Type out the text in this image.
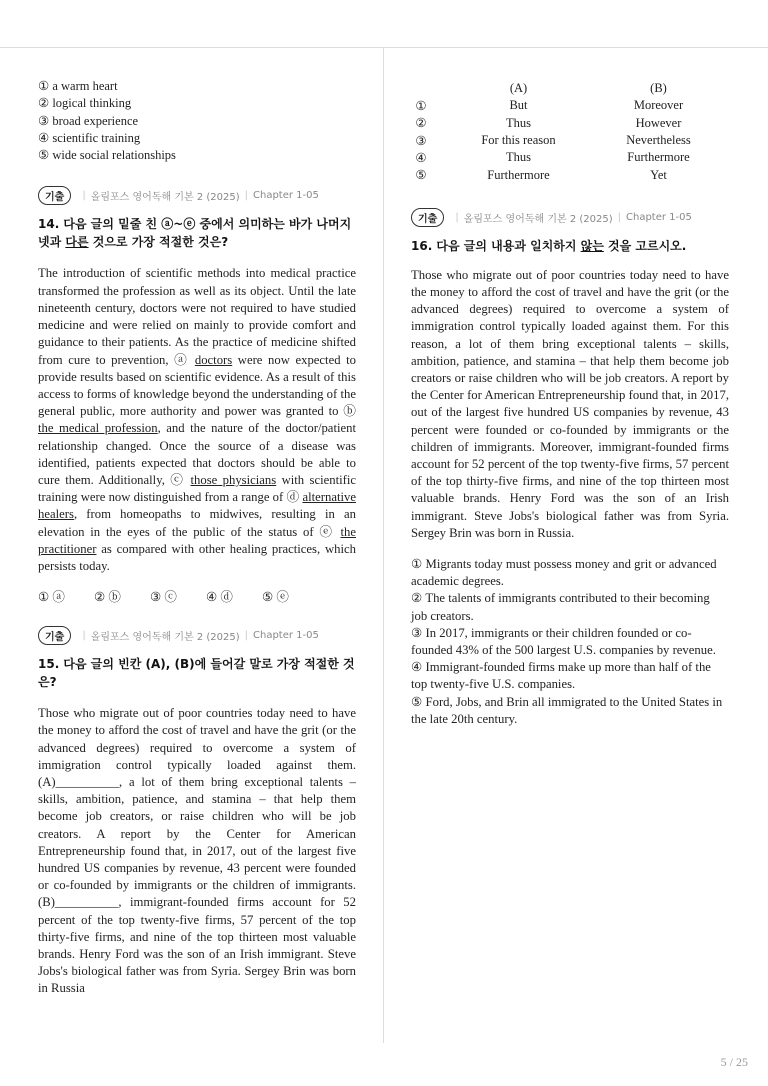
① a warm heart
② logical thinking
③ broad experience
④ scientific training
⑤ wide social relationships
기출	| 올림포스 영어독해 기본 2 (2025) | Chapter 1-05

14. 다음 글의 밑줄 친 ⓐ~ⓔ 중에서 의미하는 바가 나머지 넷과 다른 것으로 가장 적절한 것은?

The introduction of scientific methods into medical practice transformed the profession as well as its object. Until the late nineteenth century, doctors were not required to have studied medicine and were relied on mainly to provide comfort and guidance to their patients. As the practice of medicine shifted from cure to prevention, ⓐ doctors were now expected to provide results based on scientific evidence. As a result of this access to forms of knowledge beyond the understanding of the general public, more authority and power was granted to ⓑ the medical profession, and the nature of the doctor/patient relationship changed. Once the source of a disease was identified, patients expected that doctors should be able to cure them. Additionally, ⓒ those physicians with scientific training were now distinguished from a range of ⓓ alternative healers, from homeopaths to midwives, resulting in an elevation in the eyes of the public of the status of ⓔ the practitioner as compared with other healing practices, which persists today.

① ⓐ	② ⓑ	③ ⓒ	④ ⓓ	⑤ ⓔ
기출	| 올림포스 영어독해 기본 2 (2025) | Chapter 1-05

15. 다음 글의 빈칸 (A), (B)에 들어갈 말로 가장 적절한 것은?

Those who migrate out of poor countries today need to have the money to afford the cost of travel and have the grit (or the advanced degrees) required to overcome a system of immigration control typically loaded against them. (A)__________, a lot of them bring exceptional talents – skills, ambition, patience, and stamina – that help them become job creators, or raise children who will be job creators. A report by the Center for American Entrepreneurship found that, in 2017, out of the largest five hundred US companies by revenue, 43 percent were founded or co-founded by immigrants or the children of immigrants. (B)__________, immigrant-founded firms account for 52 percent of the top twenty-five firms, 57 percent of the top thirty-five firms, and nine of the top thirteen most valuable brands. Henry Ford was the son of an Irish immigrant. Steve Jobs's biological father was from Syria. Sergey Brin was born in Russia

	(A)	(B)
①	But	Moreover
②	Thus	However
③	For this reason	Nevertheless
④	Thus	Furthermore
⑤	Furthermore	Yet
기출	| 올림포스 영어독해 기본 2 (2025) | Chapter 1-05

16. 다음 글의 내용과 일치하지 않는 것을 고르시오.

Those who migrate out of poor countries today need to have the money to afford the cost of travel and have the grit (or the advanced degrees) required to overcome a system of immigration control typically loaded against them. For this reason, a lot of them bring exceptional talents – skills, ambition, patience, and stamina – that help them become job creators or raise children who will be job creators. A report by the Center for American Entrepreneurship found that, in 2017, out of the largest five hundred US companies by revenue, 43 percent were founded or co-founded by immigrants or the children of immigrants. Moreover, immigrant-founded firms account for 52 percent of the top twenty-five firms, 57 percent of the top thirty-five firms, and nine of the top thirteen most valuable brands. Henry Ford was the son of an Irish immigrant. Steve Jobs's biological father was from Syria. Sergey Brin was born in Russia.

① Migrants today must possess money and grit or advanced academic degrees.
② The talents of immigrants contributed to their becoming job creators.
③ In 2017, immigrants or their children founded or co-founded 43% of the 500 largest U.S. companies by revenue.
④ Immigrant-founded firms make up more than half of the top twenty-five U.S. companies.
⑤ Ford, Jobs, and Brin all immigrated to the United States in the late 20th century.
5 / 25
